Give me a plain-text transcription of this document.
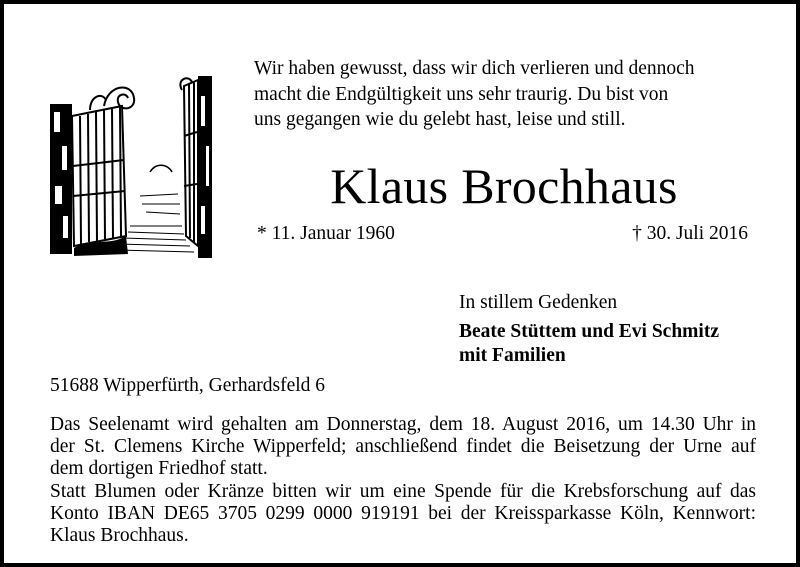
Wir haben gewusst, dass wir dich verlieren und dennoch
macht die Endgültigkeit uns sehr traurig. Du bist von
uns gegangen wie du gelebt hast, leise und still.
Klaus Brochhaus
* 11. Januar 1960	† 30. Juli 2016
In stillem Gedenken
Beate Stüttem und Evi Schmitz
mit Familien
51688 Wipperfürth, Gerhardsfeld 6
Das Seelenamt wird gehalten am Donnerstag, dem 18. August 2016, um 14.30 Uhr in
der St. Clemens Kirche Wipperfeld; anschließend findet die Beisetzung der Urne auf
dem dortigen Friedhof statt.
Statt Blumen oder Kränze bitten wir um eine Spende für die Krebsforschung auf das
Konto IBAN DE65 3705 0299 0000 919191 bei der Kreissparkasse Köln, Kennwort:
Klaus Brochhaus.
